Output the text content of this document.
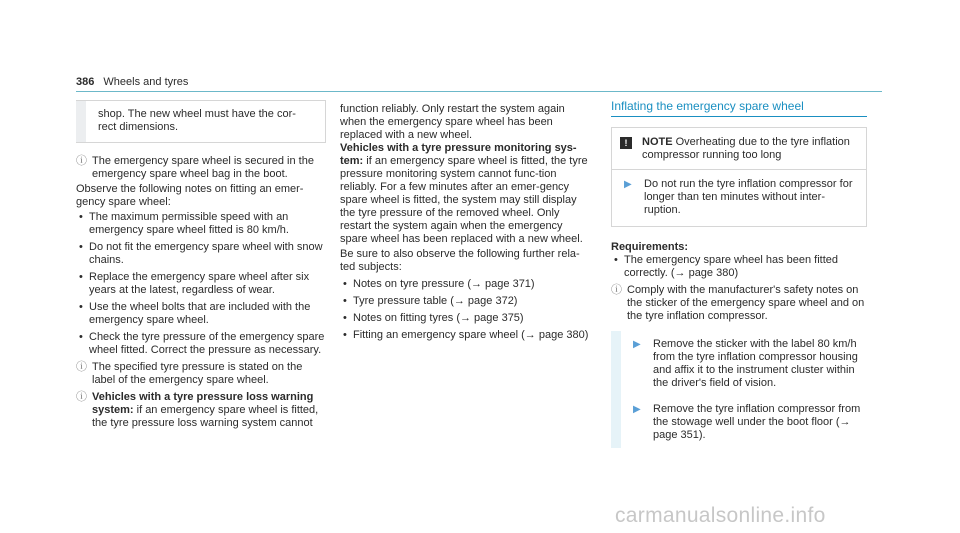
386 Wheels and tyres

shop. The new wheel must have the cor-

rect dimensions.

ⓘ The emergency spare wheel is secured in the emergency spare wheel bag in the boot.

Observe the following notes on fitting an emer-gency spare wheel:

• The maximum permissible speed with an emergency spare wheel fitted is 80 km/h.
• Do not fit the emergency spare wheel with snow chains.
• Replace the emergency spare wheel after six years at the latest, regardless of wear.
• Use the wheel bolts that are included with the emergency spare wheel.
• Check the tyre pressure of the emergency spare wheel fitted. Correct the pressure as necessary.
ⓘ The specified tyre pressure is stated on the label of the emergency spare wheel.
ⓘ Vehicles with a tyre pressure loss warning system: if an emergency spare wheel is fitted, the tyre pressure loss warning system cannot

function reliably. Only restart the system again when the emergency spare wheel has been replaced with a new wheel.

Vehicles with a tyre pressure monitoring sys-tem: if an emergency spare wheel is fitted, the tyre pressure monitoring system cannot func-tion reliably. For a few minutes after an emer-gency spare wheel is fitted, the system may still display the tyre pressure of the removed wheel. Only restart the system again when the emergency spare wheel has been replaced with a new wheel.

Be sure to also observe the following further rela-ted subjects:

• Notes on tyre pressure (→ page 371)
• Tyre pressure table (→ page 372)
• Notes on fitting tyres (→ page 375)
• Fitting an emergency spare wheel (→ page 380)
Inflating the emergency spare wheel
!	NOTE Overheating due to the tyre inflation compressor running too long
▶	Do not run the tyre inflation compressor for longer than ten minutes without inter-ruption.

Requirements:

• The emergency spare wheel has been fitted correctly. (→ page 380)
ⓘ Comply with the manufacturer's safety notes on the sticker of the emergency spare wheel and on the tyre inflation compressor.
▶	Remove the sticker with the label 80 km/h from the tyre inflation compressor housing and affix it to the instrument cluster within the driver's field of vision.
▶	Remove the tyre inflation compressor from the stowage well under the boot floor (→ page 351).
carmanualsonline.info
